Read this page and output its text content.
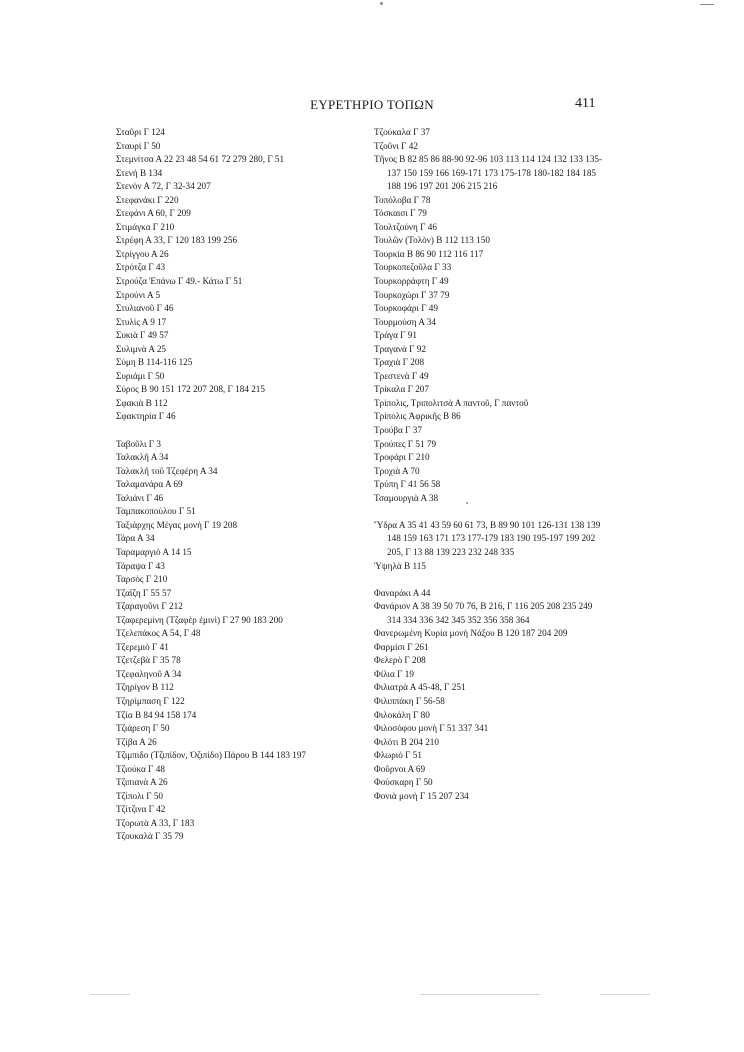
ΕΥΡΕΤΗΡΙΟ ΤΟΠΩΝ	411
Σταῦρι Γ 124
Σταυρί Γ 50
Στεμνίτσα Α 22 23 48 54 61 72 279 280, Γ 51
Στενή Β 134
Στενὸν Α 72, Γ 32-34 207
Στεφανάκι Γ 220
Στεφάνι Α 60, Γ 209
Στιμάγκα Γ 210
Στρέφη Α 33, Γ 120 183 199 256
Στρίγγου Α 26
Στρότζα Γ 43
Στρούζα Ἐπάνω Γ 49.- Κάτω Γ 51
Στρούνι Α 5
Στυλιανοῦ Γ 46
Στυλὶς Α 9 17
Συκιὰ Γ 49 57
Συλιμνὰ Α 25
Σύμη Β 114-116 125
Συριάμι Γ 50
Σύρος Β 90 151 172 207 208, Γ 184 215
Σφακιὰ Β 112
Σφακτηρία Γ 46
Ταβοῦλι Γ 3
Ταλακλῆ Α 34
Ταλακλῆ τοῦ Τζεφέρη Α 34
Ταλαμανάρα Α 69
Ταλιάνι Γ 46
Ταμπακοπούλου Γ 51
Ταξιάρχης Μέγας μονὴ Γ 19 208
Τάρα Α 34
Ταραμαργιὸ Α 14 15
Τάραψα Γ 43
Ταρσὸς Γ 210
Τζαΐζη Γ 55 57
Τζαραγοῦνι Γ 212
Τζαφερεμίνη (Τζαφὲρ ἐμινὶ) Γ 27 90 183 200
Τζελεπάκος Α 54, Γ 48
Τζερεμιὸ Γ 41
Τζετζεβὰ Γ 35 78
Τζεφαληνοῦ Α 34
Τζηρίγον Β 112
Τζηρίμπαση Γ 122
Τζία Β 84 94 158 174
Τζιάρεση Γ 50
Τζίβα Α 26
Τζιμπιδο (Τζιπίδον, Ὀζιπίδο) Πάρου Β 144 183 197
Τζιούκα Γ 48
Τζιπιανὰ Α 26
Τζίπολι Γ 50
Τζίτζινα Γ 42
Τζορωτὰ Α 33, Γ 183
Τζουκαλὰ Γ 35 79
Τζούκαλα Γ 37
Τζοῦνι Γ 42
Τῆνος Β 82 85 86 88-90 92-96 103 113 114 124 132 133 135-137 150 159 166 169-171 173 175-178 180-182 184 185 188 196 197 201 206 215 216
Τοπόλοβα Γ 78
Τόσκαισι Γ 79
Τουλτζούνη Γ 46
Τουλῶν (Τολὸν) Β 112 113 150
Τουρκία Β 86 90 112 116 117
Τουρκοπεζοῦλα Γ 33
Τουρκορράφτη Γ 49
Τουρκοχώρι Γ 37 79
Τουρκοφάρι Γ 49
Τουρμούση Α 34
Τράγα Γ 91
Τραγανὰ Γ 92
Τραχιὰ Γ 208
Τρεστενὰ Γ 49
Τρίκαλα Γ 207
Τρίπολις, Τριπολιτσὰ Α παντοῦ, Γ παντοῦ
Τρίπολις Ἀφρικῆς Β 86
Τρούβα Γ 37
Τρούπες Γ 51 79
Τροφάρι Γ 210
Τροχιὰ Α 70
Τρύπη Γ 41 56 58
Τσαμουργιὰ Α 38
Ὕδρα Α 35 41 43 59 60 61 73, Β 89 90 101 126-131 138 139 148 159 163 171 173 177-179 183 190 195-197 199 202 205, Γ 13 88 139 223 232 248 335
Ὑψηλὰ Β 115
Φαναράκι Α 44
Φανάριον Α 38 39 50 70 76, Β 216, Γ 116 205 208 235 249 314 334 336 342 345 352 356 358 364
Φανερωμένη Κυρία μονὴ Νάξου Β 120 187 204 209
Φαρμίσι Γ 261
Φελερὸ Γ 208
Φίλια Γ 19
Φιλιατρὰ Α 45-48, Γ 251
Φιλιππάκη Γ 56-58
Φιλοκάλη Γ 80
Φιλοσόφου μονὴ Γ 51 337 341
Φιλότι Β 204 210
Φλωριὸ Γ 51
Φοῦρνοι Α 69
Φούσκαρη Γ 50
Φονιὰ μονὴ Γ 15 207 234
